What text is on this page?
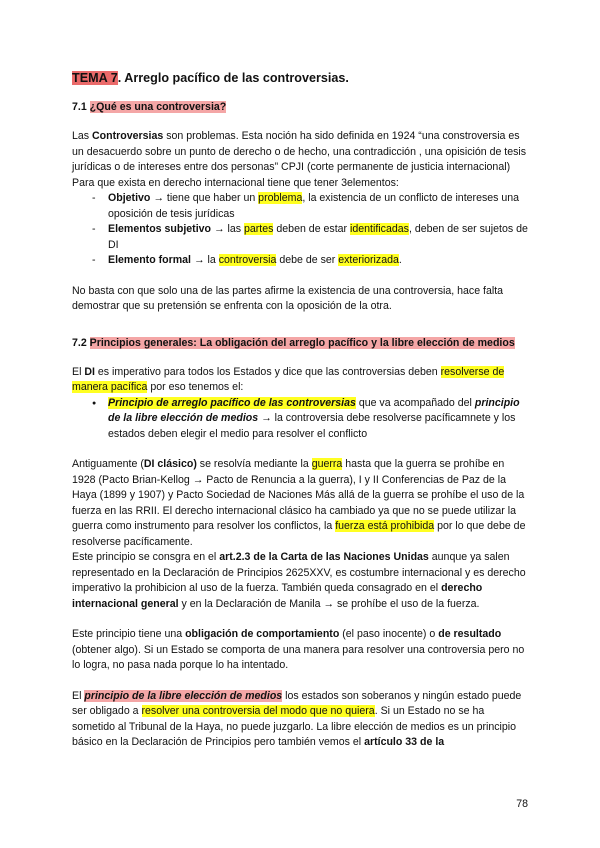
TEMA 7. Arreglo pacífico de las controversias.
7.1 ¿Qué es una controversia?

Las Controversias son problemas. Esta noción ha sido definida en 1924 “una constroversia es un desacuerdo sobre un punto de derecho o de hecho, una contradicción , una opisición de tesis jurídicas o de intereses entre dos personas” CPJI (corte permanente de justicia internacional)

Para que exista en derecho internacional tiene que tener 3elementos:

- Objetivo → tiene que haber un problema, la existencia de un conflicto de intereses una oposición de tesis jurídicas
- Elementos subjetivo → las partes deben de estar identificadas, deben de ser sujetos de DI
- Elemento formal → la controversia debe de ser exteriorizada.

No basta con que solo una de las partes afirme la existencia de una controversia, hace falta demostrar que su pretensión se enfrenta con la oposición de la otra.

7.2 Principios generales: La obligación del arreglo pacífico y la libre elección de medios

El DI es imperativo para todos los Estados y dice que las controversias deben resolverse de manera pacífica por eso tenemos el:

● Principio de arreglo pacífico de las controversias que va acompañado del principio de la libre elección de medios → la controversia debe resolverse pacíficamnete y los estados deben elegir el medio para resolver el conflicto

Antiguamente (DI clásico) se resolvía mediante la guerra hasta que la guerra se prohíbe en 1928 (Pacto Brian-Kellog → Pacto de Renuncia a la guerra), I y II Conferencias de Paz de la Haya (1899 y 1907) y Pacto Sociedad de Naciones Más allá de la guerra se prohíbe el uso de la fuerza en las RRII. El derecho internacional clásico ha cambiado ya que no se puede utilizar la guerra como instrumento para resolver los conflictos, la fuerza está prohibida por lo que debe de resolverse pacíficamente.

Este principio se consgra en el art.2.3 de la Carta de las Naciones Unidas aunque ya salen representado en la Declaración de Principios 2625XXV, es costumbre internacional y es derecho imperativo la prohibicion al uso de la fuerza. También queda consagrado en el derecho internacional general y en la Declaración de Manila → se prohíbe el uso de la fuerza.

Este principio tiene una obligación de comportamiento (el paso inocente) o de resultado (obtener algo). Si un Estado se comporta de una manera para resolver una controversia pero no lo logra, no pasa nada porque lo ha intentado.

El principio de la libre elección de medios los estados son soberanos y ningún estado puede ser obligado a resolver una controversia del modo que no quiera. Si un Estado no se ha sometido al Tribunal de la Haya, no puede juzgarlo. La libre elección de medios es un principio básico en la Declaración de Principios pero también vemos el artículo 33 de la

78
